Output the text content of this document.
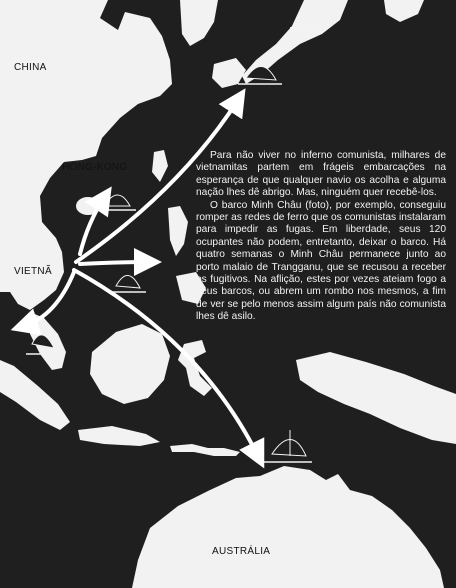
CHINA
JAPAO
HONG-KONG
VIETNÃ
AUSTRÁLIA

Para não viver no inferno comunista, milhares de vietnamitas partem em frágeis embarcações na esperança de que qualquer navio os acolha e alguma nação lhes dê abrigo. Mas, ninguém quer recebê-los.

O barco Minh Châu (foto), por exemplo, conseguiu romper as redes de ferro que os comunistas instalaram para impedir as fugas. Em liberdade, seus 120 ocupantes não podem, entretanto, deixar o barco. Há quatro semanas o Minh Châu permanece junto ao porto malaio de Trangganu, que se recusou a receber os fugitivos. Na aflição, estes por vezes ateiam fogo a seus barcos, ou abrem um rombo nos mesmos, a fim de ver se pelo menos assim algum país não comunista lhes dê asilo.
